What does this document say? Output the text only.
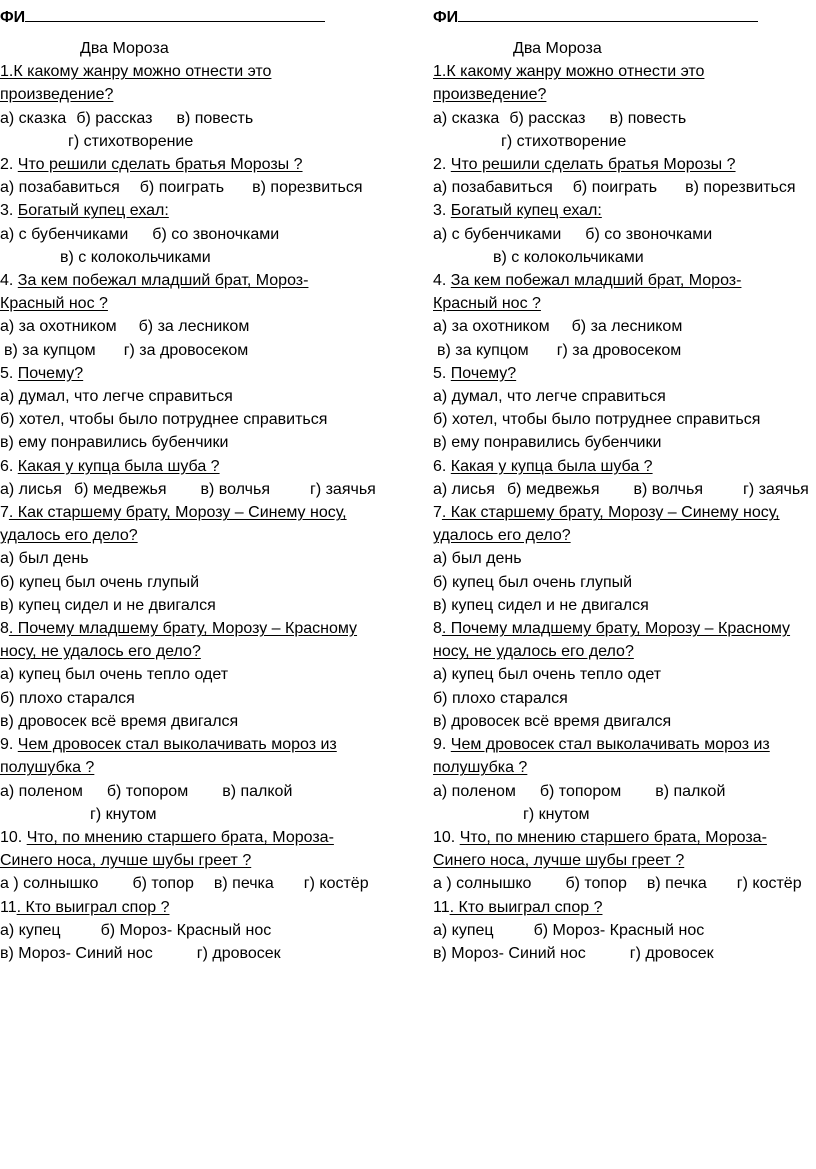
ФИ
Два Мороза
1.К какому жанру можно отнести это
произведение?
а) сказка б) рассказ в) повесть
г) стихотворение
2. Что решили сделать братья Морозы ?
а) позабавиться б) поиграть в) порезвиться
3. Богатый купец ехал:
а) с бубенчиками б) со звоночками
в) с колокольчиками
4. За кем побежал младший брат, Мороз-
Красный нос ?
а) за охотником б) за лесником
в) за купцом г) за дровосеком
5. Почему?
а) думал, что легче справиться
б) хотел, чтобы было потруднее справиться
в) ему понравились бубенчики
6. Какая у купца была шуба ?
а) лисья б) медвежья в) волчья	г) заячья
7. Как старшему брату, Морозу – Синему носу,
удалось его дело?
а) был день
б) купец был очень глупый
в) купец сидел и не двигался
8. Почему младшему брату, Морозу – Красному
носу, не удалось его дело?
а) купец был очень тепло одет
б) плохо старался
в) дровосек всё время двигался
9. Чем дровосек стал выколачивать мороз из
полушубка ?
а) поленом б) топором в) палкой
г) кнутом
10. Что, по мнению старшего брата, Мороза-
Синего носа, лучше шубы греет ?
а ) солнышко б) топор в) печка г) костёр
11. Кто выиграл спор ?
а) купец	б) Мороз- Красный нос
в) Мороз- Синий нос	г) дровосек
ФИ
Два Мороза
1.К какому жанру можно отнести это
произведение?
а) сказка б) рассказ в) повесть
г) стихотворение
2. Что решили сделать братья Морозы ?
а) позабавиться б) поиграть в) порезвиться
3. Богатый купец ехал:
а) с бубенчиками б) со звоночками
в) с колокольчиками
4. За кем побежал младший брат, Мороз-
Красный нос ?
а) за охотником б) за лесником
в) за купцом г) за дровосеком
5. Почему?
а) думал, что легче справиться
б) хотел, чтобы было потруднее справиться
в) ему понравились бубенчики
6. Какая у купца была шуба ?
а) лисья б) медвежья в) волчья	г) заячья
7. Как старшему брату, Морозу – Синему носу,
удалось его дело?
а) был день
б) купец был очень глупый
в) купец сидел и не двигался
8. Почему младшему брату, Морозу – Красному
носу, не удалось его дело?
а) купец был очень тепло одет
б) плохо старался
в) дровосек всё время двигался
9. Чем дровосек стал выколачивать мороз из
полушубка ?
а) поленом б) топором в) палкой
г) кнутом
10. Что, по мнению старшего брата, Мороза-
Синего носа, лучше шубы греет ?
а ) солнышко б) топор в) печка г) костёр
11. Кто выиграл спор ?
а) купец	б) Мороз- Красный нос
в) Мороз- Синий нос	г) дровосек
